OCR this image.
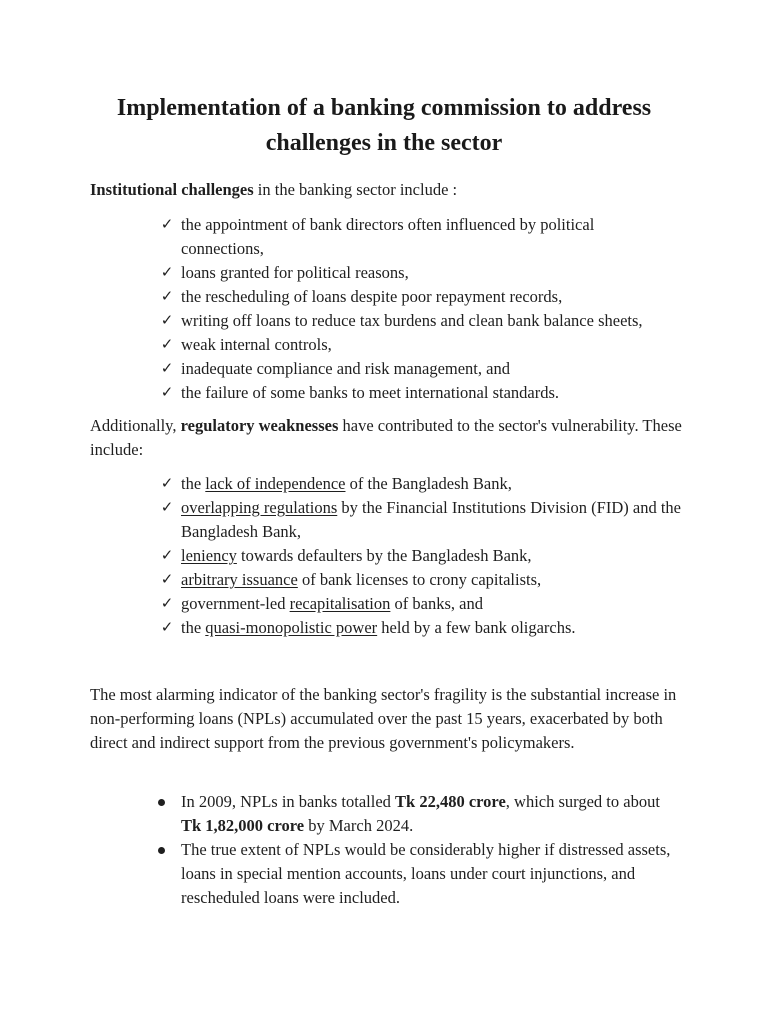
Implementation of a banking commission to address challenges in the sector

Institutional challenges in the banking sector include :

✓ the appointment of bank directors often influenced by political connections,
✓ loans granted for political reasons,
✓ the rescheduling of loans despite poor repayment records,
✓ writing off loans to reduce tax burdens and clean bank balance sheets,
✓ weak internal controls,
✓ inadequate compliance and risk management, and
✓ the failure of some banks to meet international standards.

Additionally, regulatory weaknesses have contributed to the sector's vulnerability. These include:

✓ the lack of independence of the Bangladesh Bank,
✓ overlapping regulations by the Financial Institutions Division (FID) and the Bangladesh Bank,
✓ leniency towards defaulters by the Bangladesh Bank,
✓ arbitrary issuance of bank licenses to crony capitalists,
✓ government-led recapitalisation of banks, and
✓ the quasi-monopolistic power held by a few bank oligarchs.

The most alarming indicator of the banking sector's fragility is the substantial increase in non-performing loans (NPLs) accumulated over the past 15 years, exacerbated by both direct and indirect support from the previous government's policymakers.

In 2009, NPLs in banks totalled Tk 22,480 crore, which surged to about Tk 1,82,000 crore by March 2024.
The true extent of NPLs would be considerably higher if distressed assets, loans in special mention accounts, loans under court injunctions, and rescheduled loans were included.
